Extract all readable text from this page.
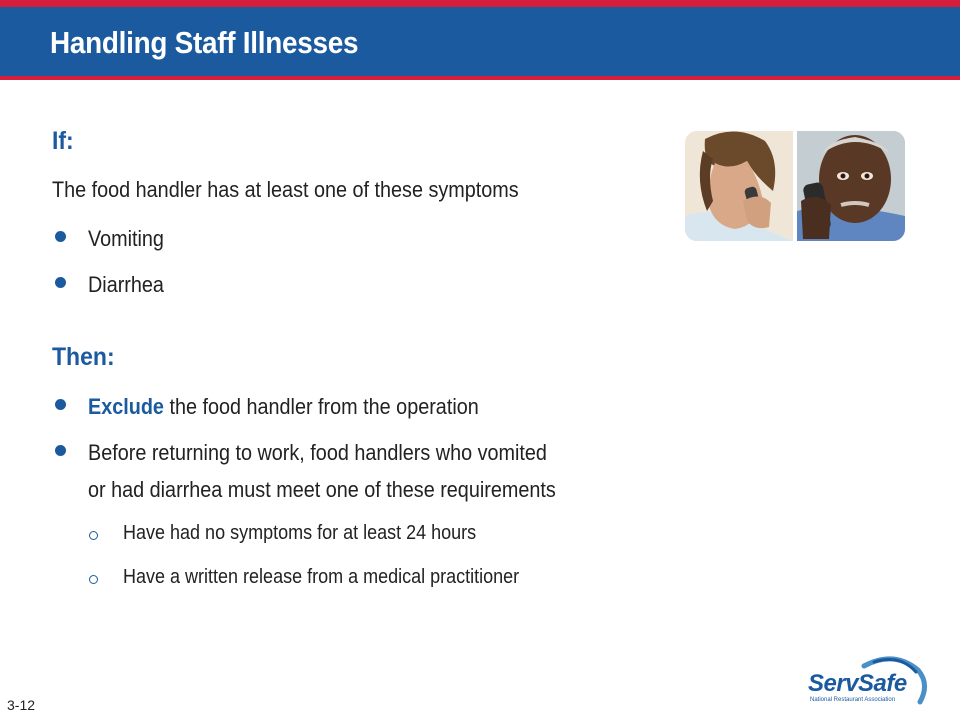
Handling Staff Illnesses
If:
The food handler has at least one of these symptoms
Vomiting
Diarrhea
Then:
Exclude the food handler from the operation
Before returning to work, food handlers who vomited
or had diarrhea must meet one of these requirements
Have had no symptoms for at least 24 hours
Have a written release from a medical practitioner
3-12
ServSafe
National Restaurant Association
